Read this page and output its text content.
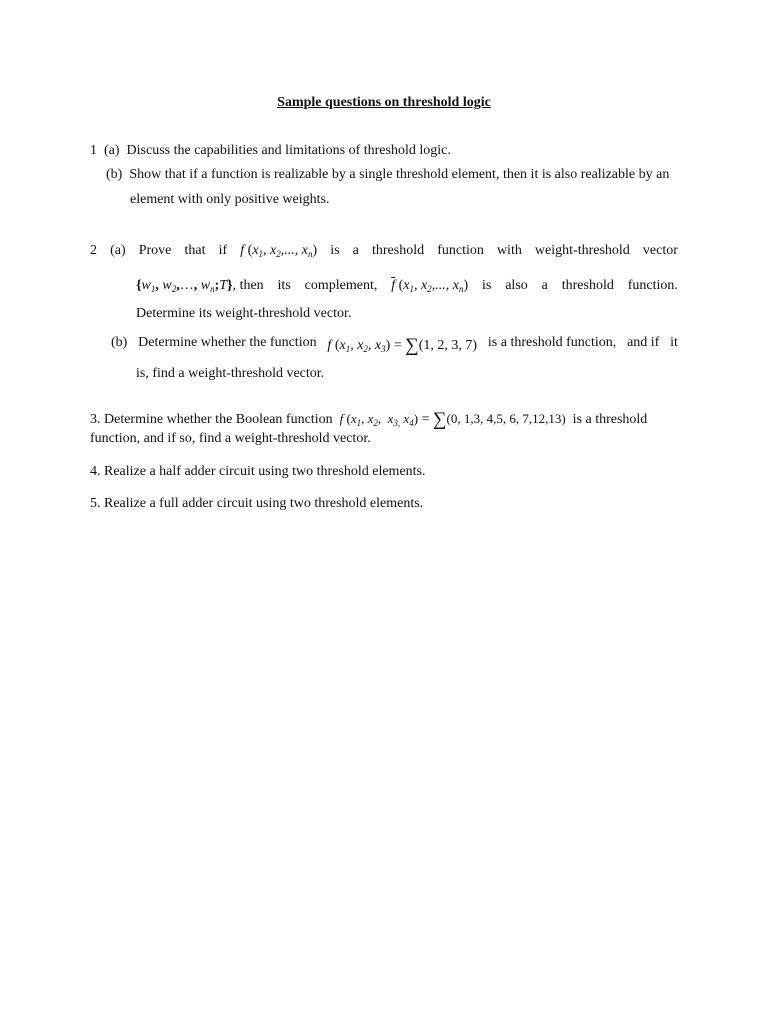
Sample questions on threshold logic
1 (a) Discuss the capabilities and limitations of threshold logic.
(b) Show that if a function is realizable by a single threshold element, then it is also realizable by an
element with only positive weights.
2 (a) Prove that if f ($x_1$, $x_2$,..., $x_n$) is a threshold function with weight-threshold vector
{$w_1$, $w_2,\dots$, $w_n;T$}, then its complement, $\overline{f}$ ($x_1$, $x_2$,..., $x_n$) is also a threshold function.
Determine its weight-threshold vector.
(b) Determine whether the function f ($x_1$, $x_2$, $x_3) = \sum(1$, 2, 3, 7) is a threshold function, and if it
is, find a weight-threshold vector.
3. Determine whether the Boolean function f ($x_1$, $x_2$,  $x_{3,}$ $x_4) = \sum(0$, 1,3, 4,5, 6, 7,12,13) is a threshold
function, and if so, find a weight-threshold vector.
4. Realize a half adder circuit using two threshold elements.
5. Realize a full adder circuit using two threshold elements.
